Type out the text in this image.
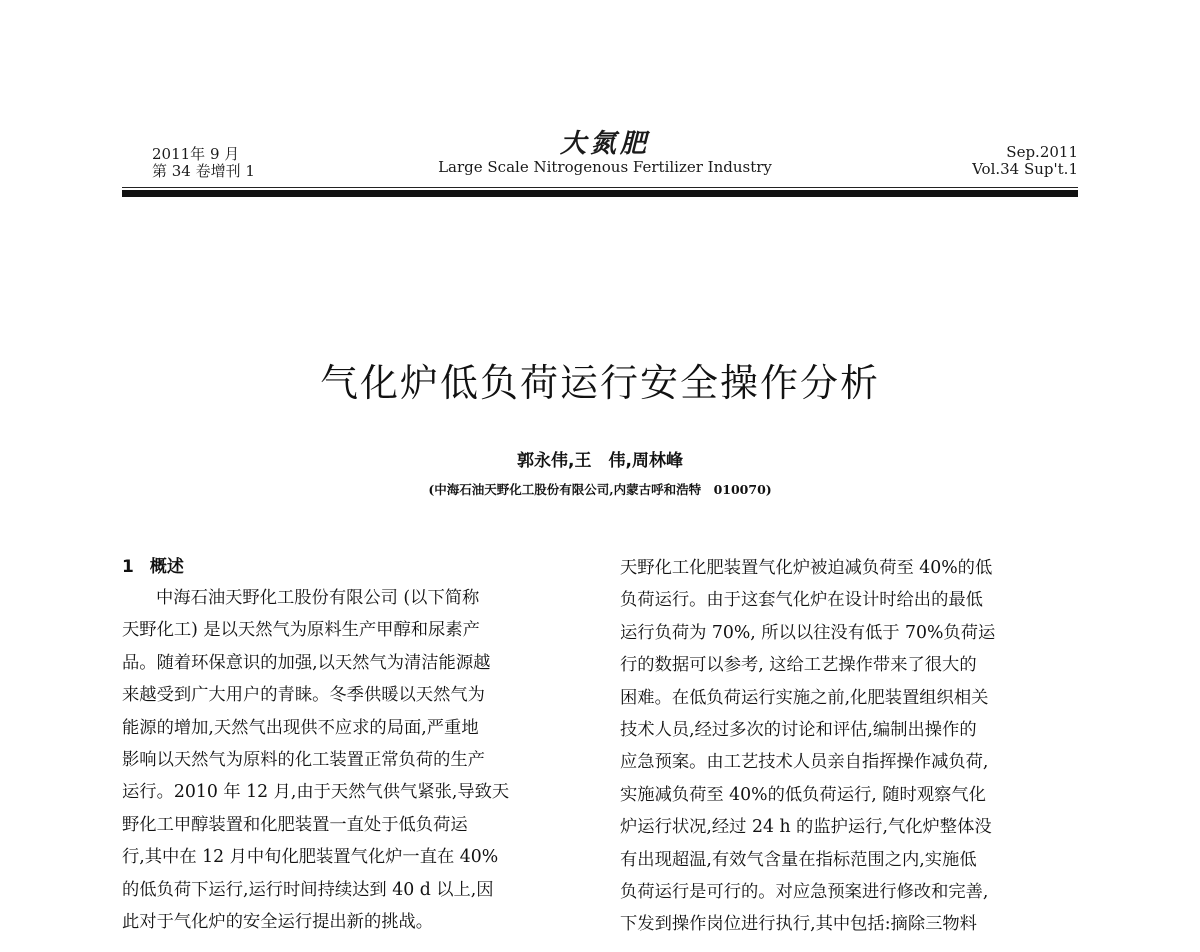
2011年 9 月
第 34 卷增刊 1
大氮肥
Large Scale Nitrogenous Fertilizer Industry
Sep.2011
Vol.34 Sup't.1
气化炉低负荷运行安全操作分析
郭永伟,王　伟,周林峰
(中海石油天野化工股份有限公司,内蒙古呼和浩特　010070)
1 概述

中海石油天野化工股份有限公司 (以下简称

天野化工) 是以天然气为原料生产甲醇和尿素产

品。随着环保意识的加强,以天然气为清洁能源越

来越受到广大用户的青睐。冬季供暖以天然气为

能源的增加,天然气出现供不应求的局面,严重地

影响以天然气为原料的化工装置正常负荷的生产

运行。2010 年 12 月,由于天然气供气紧张,导致天

野化工甲醇装置和化肥装置一直处于低负荷运

行,其中在 12 月中旬化肥装置气化炉一直在 40%

的低负荷下运行,运行时间持续达到 40 d 以上,因

此对于气化炉的安全运行提出新的挑战。

天野化工化肥装置气化炉被迫减负荷至 40%的低

负荷运行。由于这套气化炉在设计时给出的最低

运行负荷为 70%, 所以以往没有低于 70%负荷运

行的数据可以参考, 这给工艺操作带来了很大的

困难。在低负荷运行实施之前,化肥装置组织相关

技术人员,经过多次的讨论和评估,编制出操作的

应急预案。由工艺技术人员亲自指挥操作减负荷,

实施减负荷至 40%的低负荷运行, 随时观察气化

炉运行状况,经过 24 h 的监护运行,气化炉整体没

有出现超温,有效气含量在指标范围之内,实施低

负荷运行是可行的。对应急预案进行修改和完善,

下发到操作岗位进行执行,其中包括:摘除三物料
